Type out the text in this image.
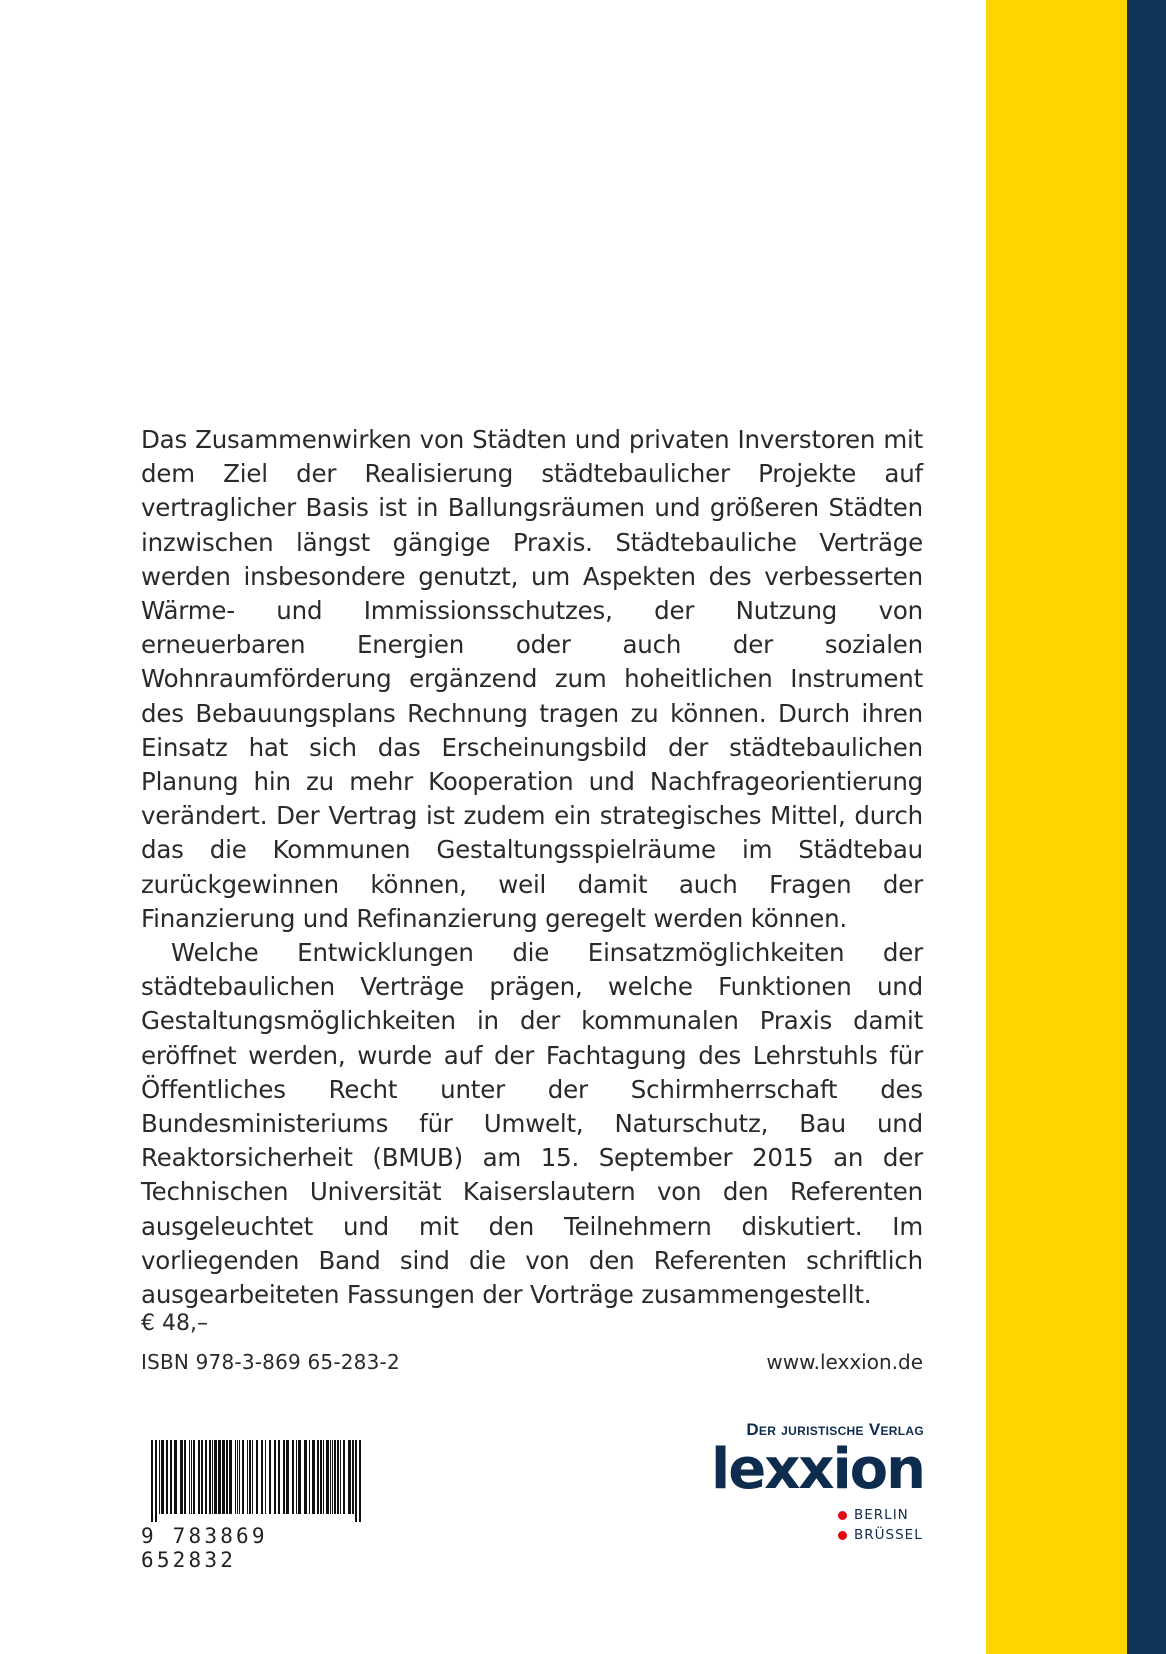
Das Zusammenwirken von Städten und privaten Inverstoren mit dem Ziel der Realisierung städtebaulicher Projekte auf vertraglicher Basis ist in Ballungsräumen und größeren Städten inzwischen längst gängige Praxis. Städtebauliche Verträge werden insbesondere genutzt, um Aspekten des verbesserten Wärme- und Immissionsschutzes, der Nutzung von erneuerbaren Energien oder auch der sozialen Wohnraumförderung ergänzend zum hoheitlichen Instrument des Bebauungsplans Rechnung tragen zu können. Durch ihren Einsatz hat sich das Erscheinungsbild der städtebaulichen Planung hin zu mehr Kooperation und Nachfrageorientierung verändert. Der Vertrag ist zudem ein strategisches Mittel, durch das die Kommunen Gestaltungsspielräume im Städtebau zurückgewinnen können, weil damit auch Fragen der Finanzierung und Refinanzierung geregelt werden können.

Welche Entwicklungen die Einsatzmöglichkeiten der städtebaulichen Verträge prägen, welche Funktionen und Gestaltungsmöglichkeiten in der kommunalen Praxis damit eröffnet werden, wurde auf der Fachtagung des Lehrstuhls für Öffentliches Recht unter der Schirmherrschaft des Bundesministeriums für Umwelt, Naturschutz, Bau und Reaktorsicherheit (BMUB) am 15. September 2015 an der Technischen Universität Kaiserslautern von den Referenten ausgeleuchtet und mit den Teilnehmern diskutiert. Im vorliegenden Band sind die von den Referenten schriftlich ausgearbeiteten Fassungen der Vorträge zusammengestellt.

€ 48,–
ISBN 978-3-869 65-283-2	www.lexxion.de
9 783869 652832
Der juristische Verlag
lexxion
BERLIN
BRÜSSEL
